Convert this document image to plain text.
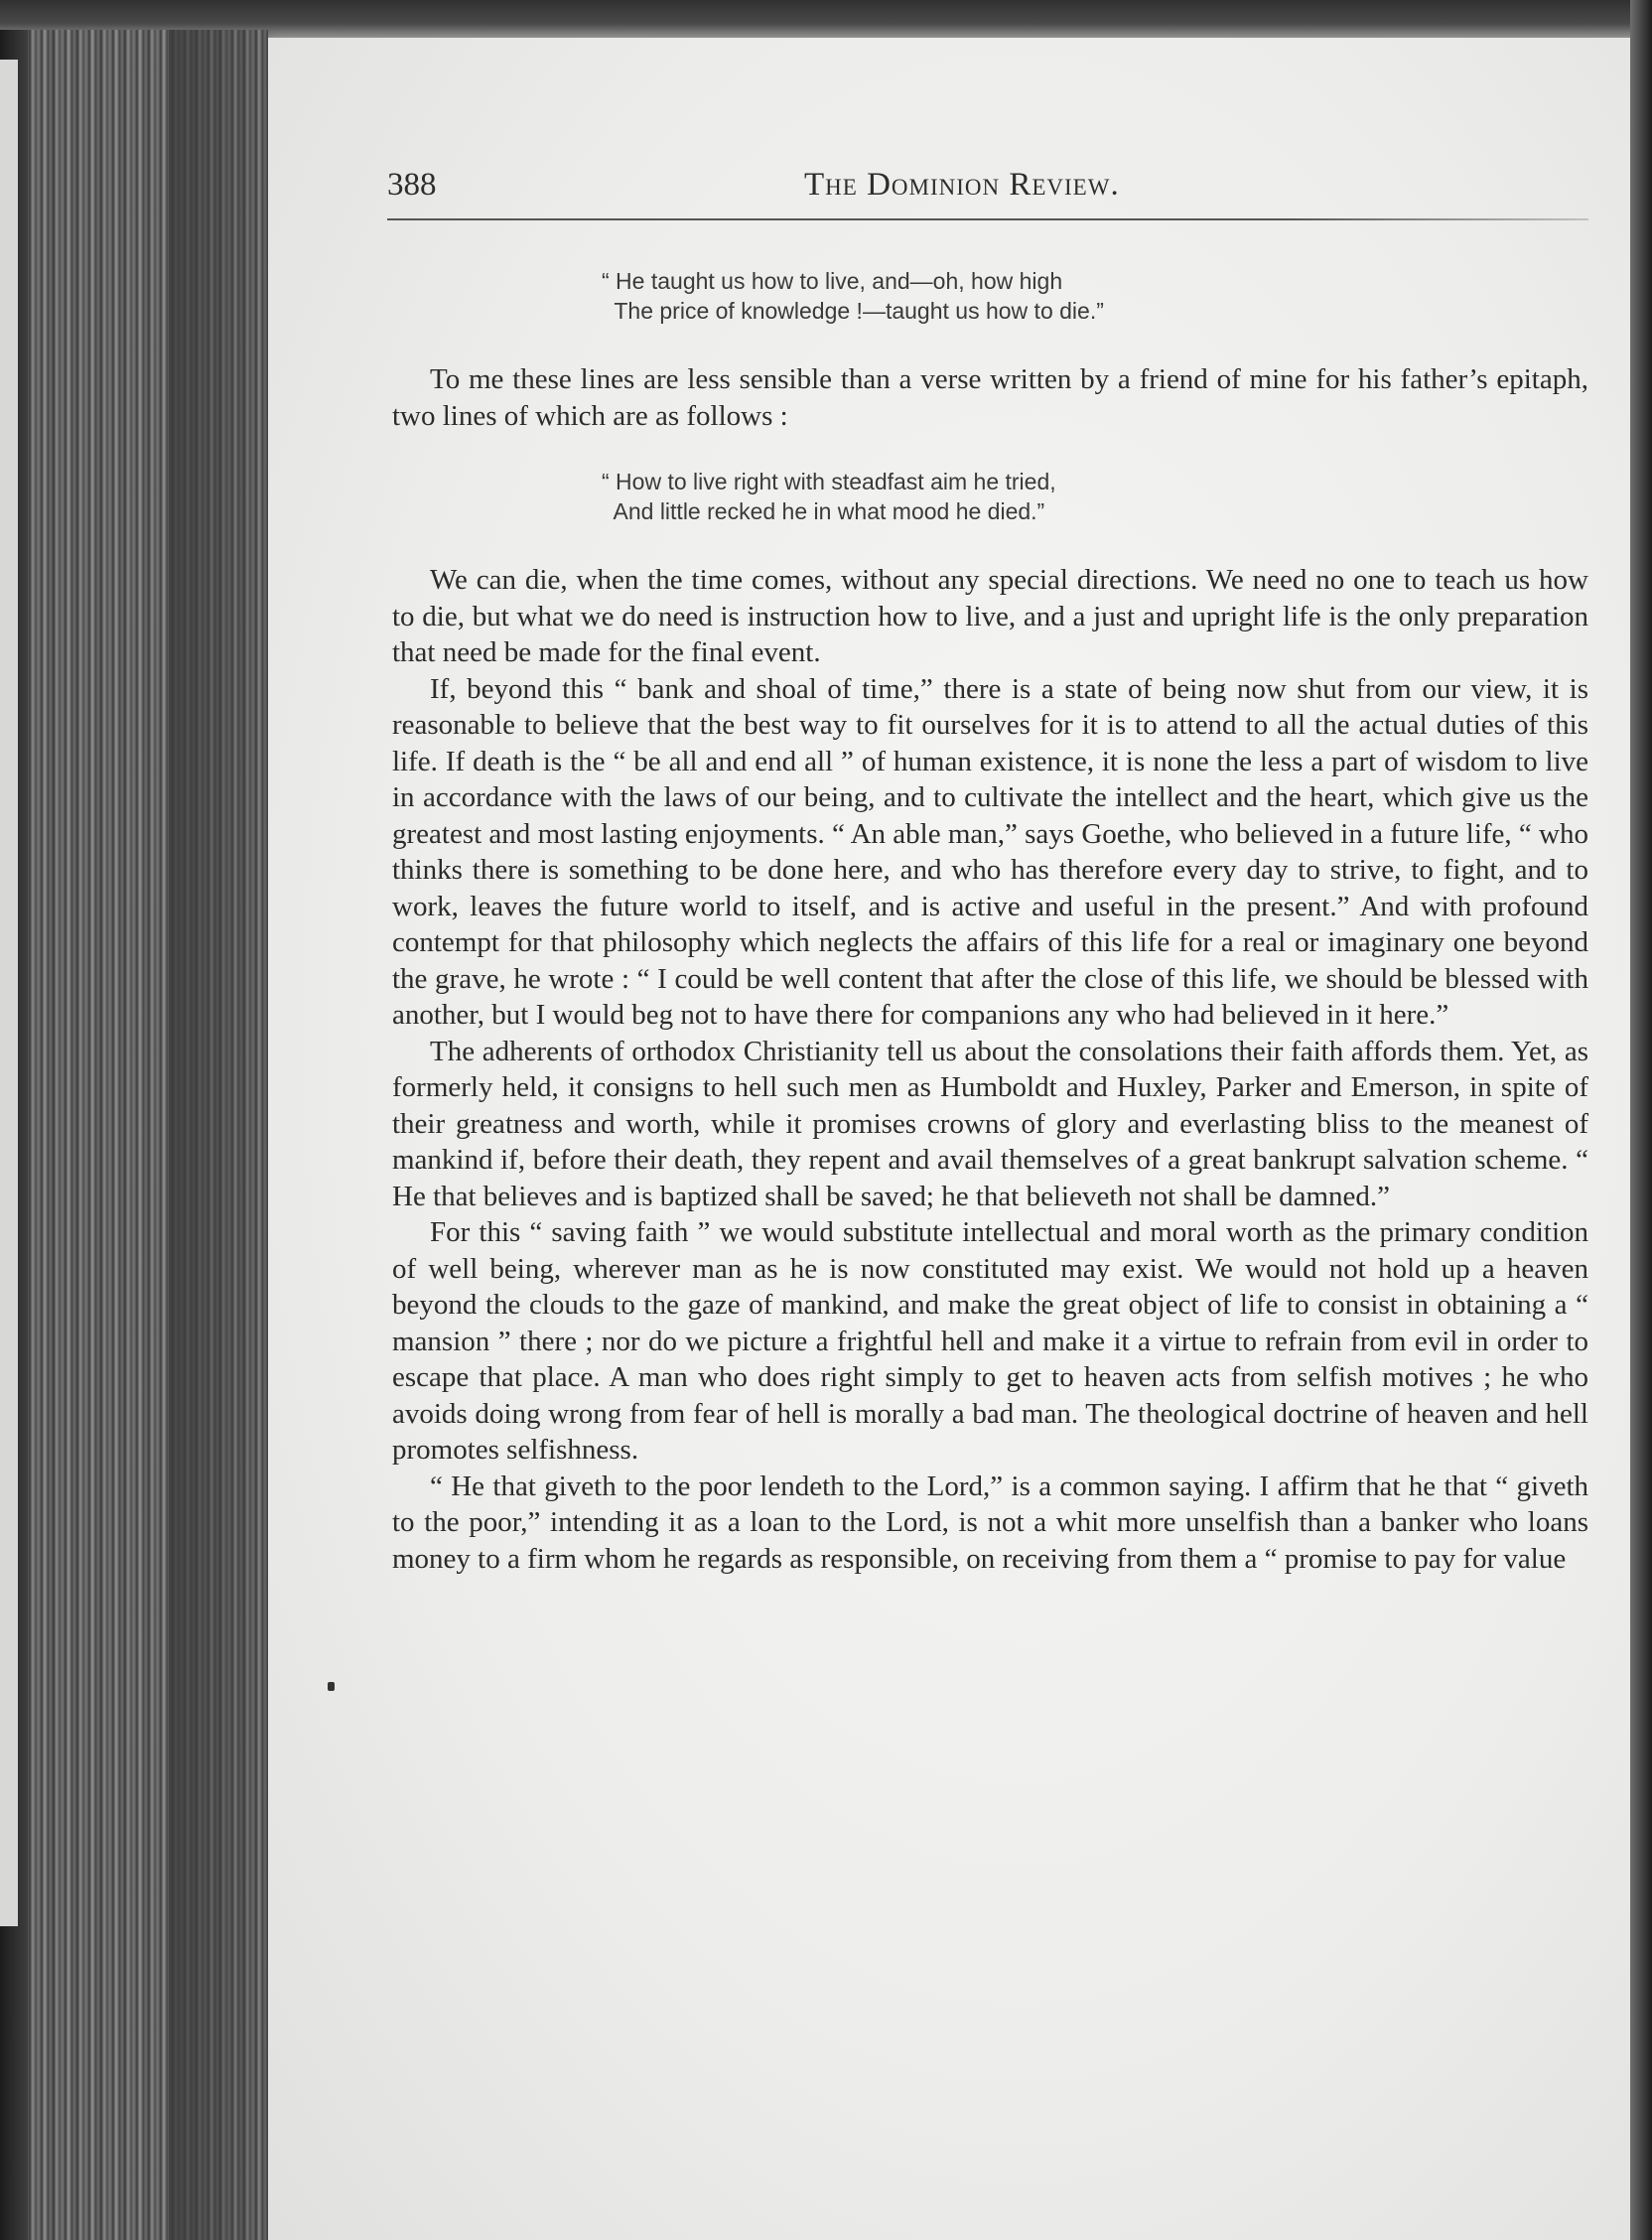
388	The Dominion Review.
“ He taught us how to live, and—oh, how high
The price of knowledge !—taught us how to die.”

To me these lines are less sensible than a verse written by a friend of mine for his father’s epitaph, two lines of which are as follows :

“ How to live right with steadfast aim he tried,
And little recked he in what mood he died.”

We can die, when the time comes, without any special directions. We need no one to teach us how to die, but what we do need is instruction how to live, and a just and upright life is the only preparation that need be made for the final event.

If, beyond this “ bank and shoal of time,” there is a state of being now shut from our view, it is reasonable to believe that the best way to fit ourselves for it is to attend to all the actual duties of this life. If death is the “ be all and end all ” of human existence, it is none the less a part of wisdom to live in accordance with the laws of our being, and to cultivate the intellect and the heart, which give us the greatest and most lasting enjoyments. “ An able man,” says Goethe, who believed in a future life, “ who thinks there is something to be done here, and who has therefore every day to strive, to fight, and to work, leaves the future world to itself, and is active and useful in the present.” And with profound contempt for that philosophy which neglects the affairs of this life for a real or imaginary one beyond the grave, he wrote : “ I could be well content that after the close of this life, we should be blessed with another, but I would beg not to have there for companions any who had believed in it here.”

The adherents of orthodox Christianity tell us about the consolations their faith affords them. Yet, as formerly held, it consigns to hell such men as Humboldt and Huxley, Parker and Emerson, in spite of their greatness and worth, while it promises crowns of glory and everlasting bliss to the meanest of mankind if, before their death, they repent and avail themselves of a great bankrupt salvation scheme. “ He that believes and is baptized shall be saved; he that believeth not shall be damned.”

For this “ saving faith ” we would substitute intellectual and moral worth as the primary condition of well being, wherever man as he is now constituted may exist. We would not hold up a heaven beyond the clouds to the gaze of mankind, and make the great object of life to consist in obtaining a “ mansion ” there ; nor do we picture a frightful hell and make it a virtue to refrain from evil in order to escape that place. A man who does right simply to get to heaven acts from selfish motives ; he who avoids doing wrong from fear of hell is morally a bad man. The theological doctrine of heaven and hell promotes selfishness.

“ He that giveth to the poor lendeth to the Lord,” is a common saying. I affirm that he that “ giveth to the poor,” intending it as a loan to the Lord, is not a whit more unselfish than a banker who loans money to a firm whom he regards as responsible, on receiving from them a “ promise to pay for value
